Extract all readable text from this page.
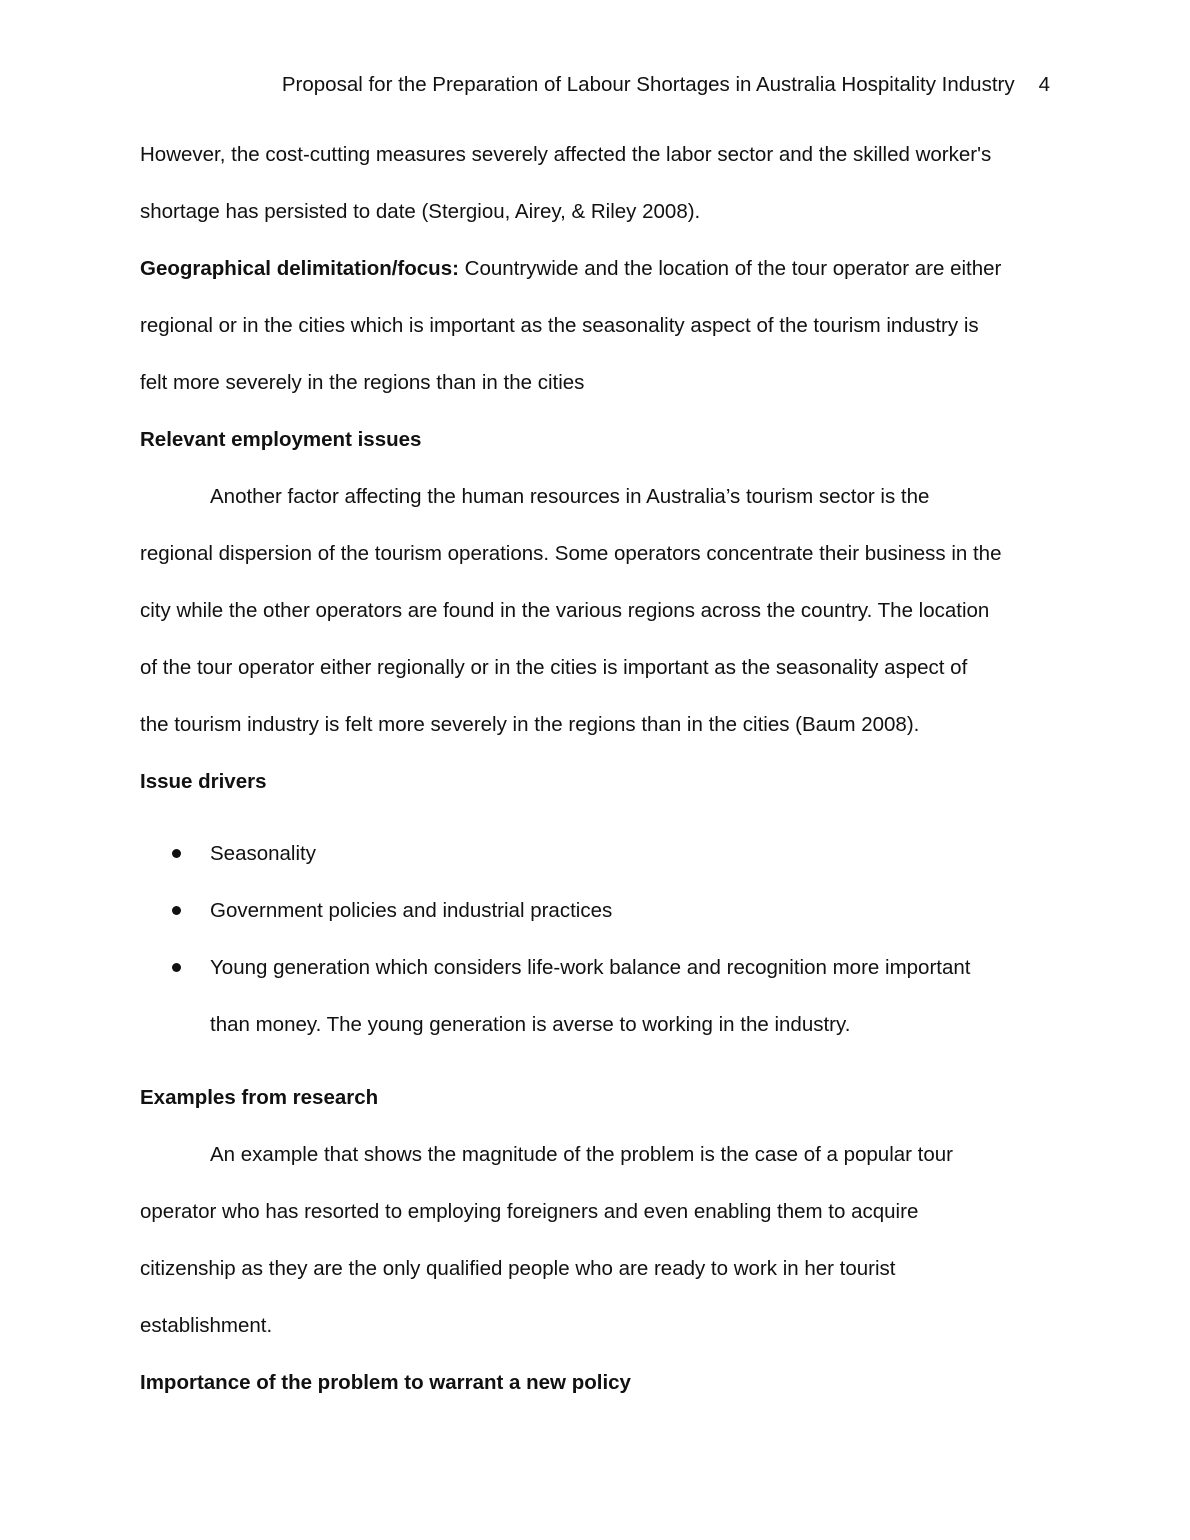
Proposal for the Preparation of Labour Shortages in Australia Hospitality Industry 4
However, the cost-cutting measures severely affected the labor sector and the skilled worker's
shortage has persisted to date (Stergiou, Airey, & Riley 2008).
Geographical delimitation/focus: Countrywide and the location of the tour operator are either
regional or in the cities which is important as the seasonality aspect of the tourism industry is
felt more severely in the regions than in the cities
Relevant employment issues
Another factor affecting the human resources in Australia’s tourism sector is the
regional dispersion of the tourism operations. Some operators concentrate their business in the
city while the other operators are found in the various regions across the country. The location
of the tour operator either regionally or in the cities is important as the seasonality aspect of
the tourism industry is felt more severely in the regions than in the cities (Baum 2008).
Issue drivers
Seasonality
Government policies and industrial practices
Young generation which considers life-work balance and recognition more important
than money. The young generation is averse to working in the industry.
Examples from research
An example that shows the magnitude of the problem is the case of a popular tour
operator who has resorted to employing foreigners and even enabling them to acquire
citizenship as they are the only qualified people who are ready to work in her tourist
establishment.
Importance of the problem to warrant a new policy
